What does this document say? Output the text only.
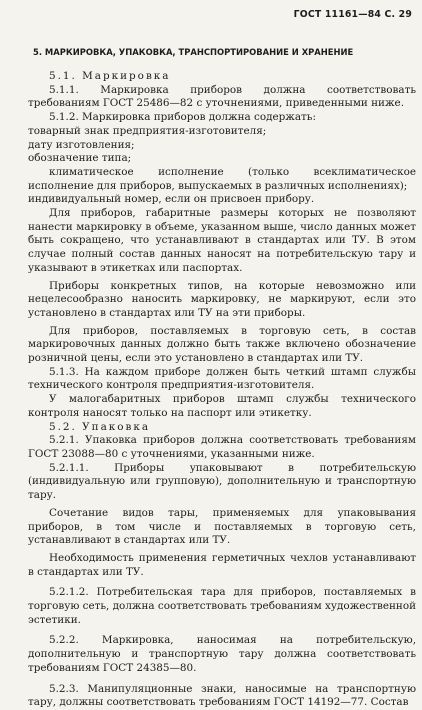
ГОСТ 11161—84 С. 29
5. МАРКИРОВКА, УПАКОВКА, ТРАНСПОРТИРОВАНИЕ И ХРАНЕНИЕ

5.1. Маркировка

5.1.1. Маркировка приборов должна соответствовать требованиям ГОСТ 25486—82 с уточнениями, приведенными ниже.

5.1.2. Маркировка приборов должна содержать:

товарный знак предприятия-изготовителя;

дату изготовления;

обозначение типа;

климатическое исполнение (только всеклиматическое исполнение для приборов, выпускаемых в различных исполнениях);

индивидуальный номер, если он присвоен прибору.

Для приборов, габаритные размеры которых не позволяют нанести маркировку в объеме, указанном выше, число данных может быть сокращено, что устанавливают в стандартах или ТУ. В этом случае полный состав данных наносят на потребительскую тару и указывают в этикетках или паспортах.

Приборы конкретных типов, на которые невозможно или нецелесообразно наносить маркировку, не маркируют, если это установлено в стандартах или ТУ на эти приборы.

Для приборов, поставляемых в торговую сеть, в состав маркировочных данных должно быть также включено обозначение розничной цены, если это установлено в стандартах или ТУ.

5.1.3. На каждом приборе должен быть четкий штамп службы технического контроля предприятия-изготовителя.

У малогабаритных приборов штамп службы технического контроля наносят только на паспорт или этикетку.

5.2. Упаковка

5.2.1. Упаковка приборов должна соответствовать требованиям ГОСТ 23088—80 с уточнениями, указанными ниже.

5.2.1.1. Приборы упаковывают в потребительскую (индивидуальную или групповую), дополнительную и транспортную тару.

Сочетание видов тары, применяемых для упаковывания приборов, в том числе и поставляемых в торговую сеть, устанавливают в стандартах или ТУ.

Необходимость применения герметичных чехлов устанавливают в стандартах или ТУ.

5.2.1.2. Потребительская тара для приборов, поставляемых в торговую сеть, должна соответствовать требованиям художественной эстетики.

5.2.2. Маркировка, наносимая на потребительскую, дополнительную и транспортную тару должна соответствовать требованиям ГОСТ 24385—80.

5.2.3. Манипуляционные знаки, наносимые на транспортную тару, должны соответствовать требованиям ГОСТ 14192—77. Состав
